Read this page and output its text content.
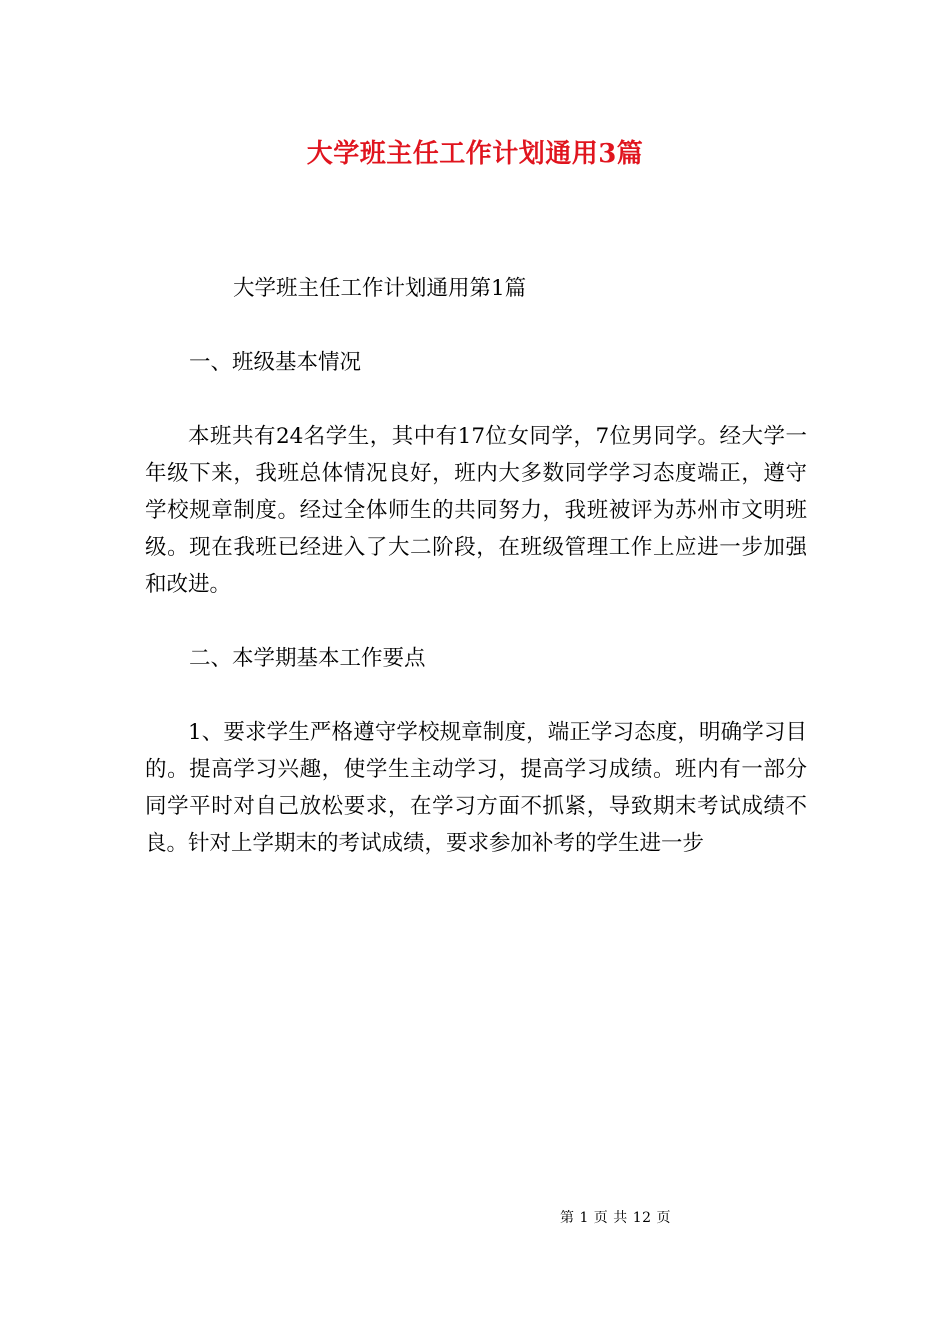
大学班主任工作计划通用3篇

大学班主任工作计划通用第1篇

一、班级基本情况

本班共有24名学生，其中有17位女同学，7位男同学。经大学一年级下来，我班总体情况良好，班内大多数同学学习态度端正，遵守学校规章制度。经过全体师生的共同努力，我班被评为苏州市文明班级。现在我班已经进入了大二阶段，在班级管理工作上应进一步加强和改进。

二、本学期基本工作要点

1、要求学生严格遵守学校规章制度，端正学习态度，明确学习目的。提高学习兴趣，使学生主动学习，提高学习成绩。班内有一部分同学平时对自己放松要求，在学习方面不抓紧，导致期末考试成绩不良。针对上学期末的考试成绩，要求参加补考的学生进一步

第 1 页 共 12 页
